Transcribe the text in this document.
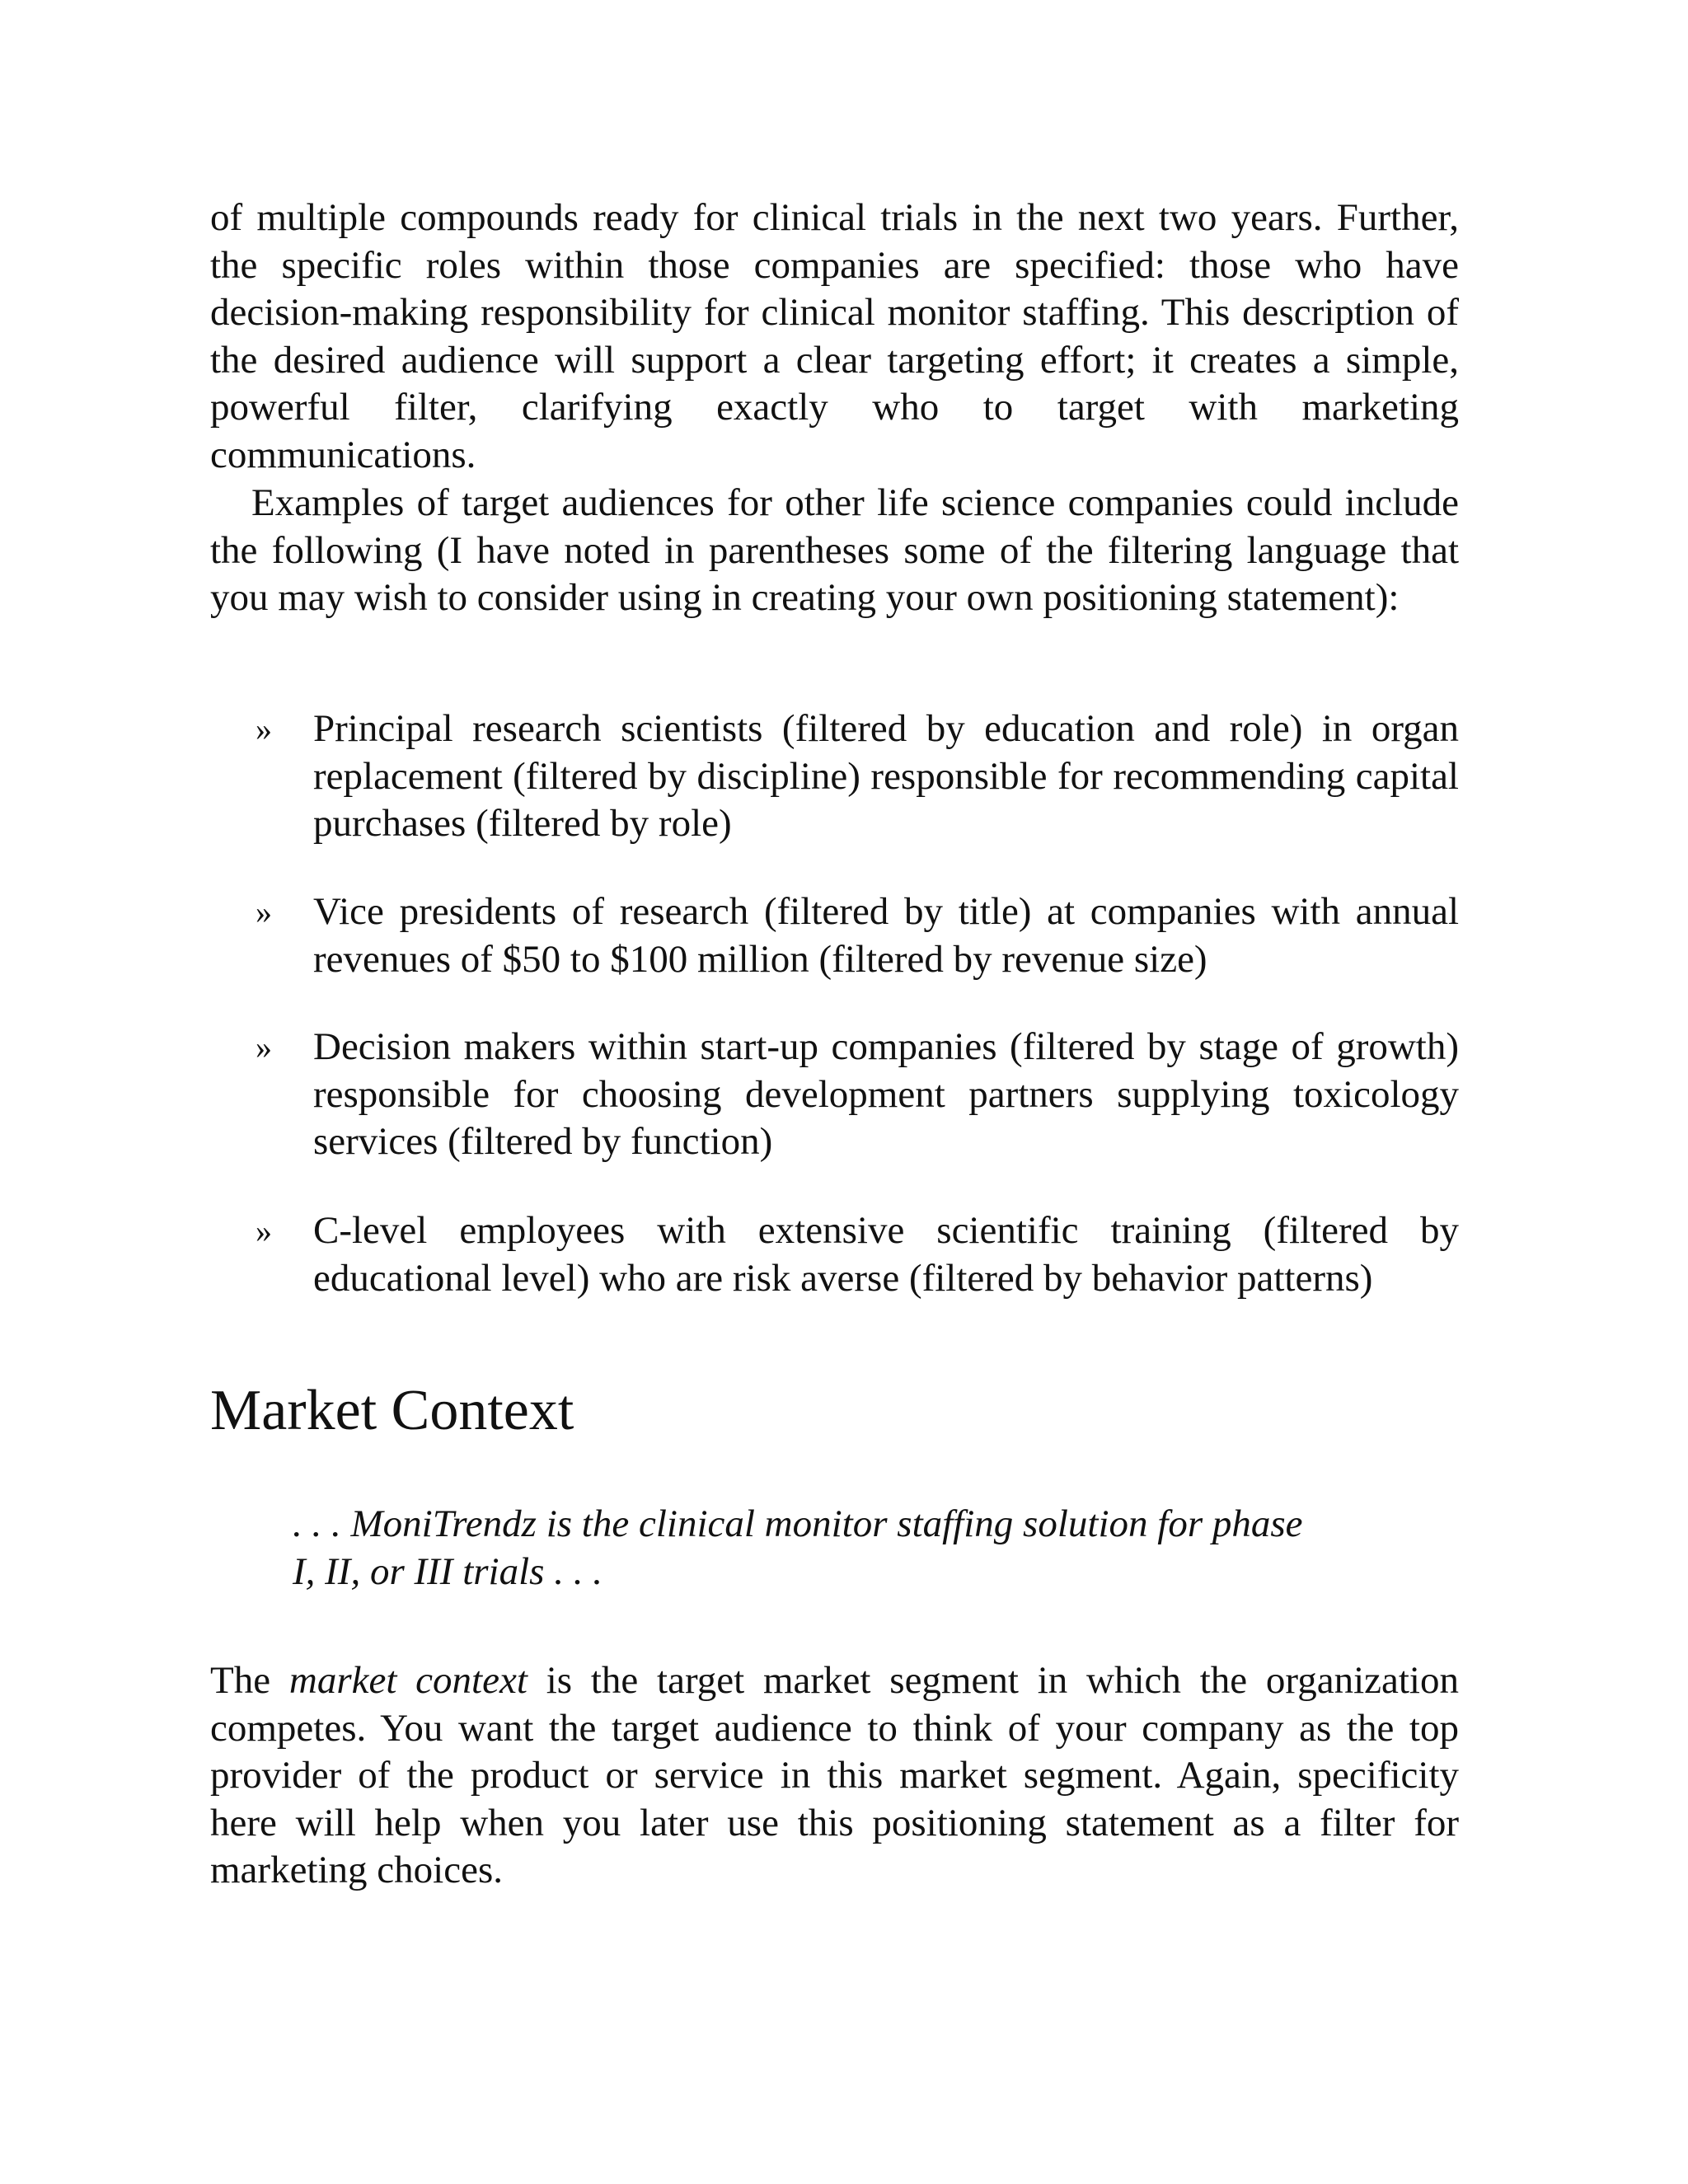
of multiple compounds ready for clinical trials in the next two years. Further, the specific roles within those companies are specified: those who have decision-making responsibility for clinical monitor staffing. This description of the desired audience will support a clear targeting effort; it creates a simple, powerful filter, clarifying exactly who to target with marketing communications.

Examples of target audiences for other life science companies could include the following (I have noted in parentheses some of the filtering language that you may wish to consider using in creating your own positioning statement):

» Principal research scientists (filtered by education and role) in organ replacement (filtered by discipline) responsible for recommending capital purchases (filtered by role)
» Vice presidents of research (filtered by title) at companies with annual revenues of $50 to $100 million (filtered by revenue size)
» Decision makers within start-up companies (filtered by stage of growth) responsible for choosing development partners supplying toxicology services (filtered by function)
» C-level employees with extensive scientific training (filtered by educational level) who are risk averse (filtered by behavior patterns)
Market Context
. . . MoniTrendz is the clinical monitor staffing solution for phase
I, II, or III trials . . .

The market context is the target market segment in which the organization competes. You want the target audience to think of your company as the top provider of the product or service in this market segment. Again, specificity here will help when you later use this positioning statement as a filter for marketing choices.
